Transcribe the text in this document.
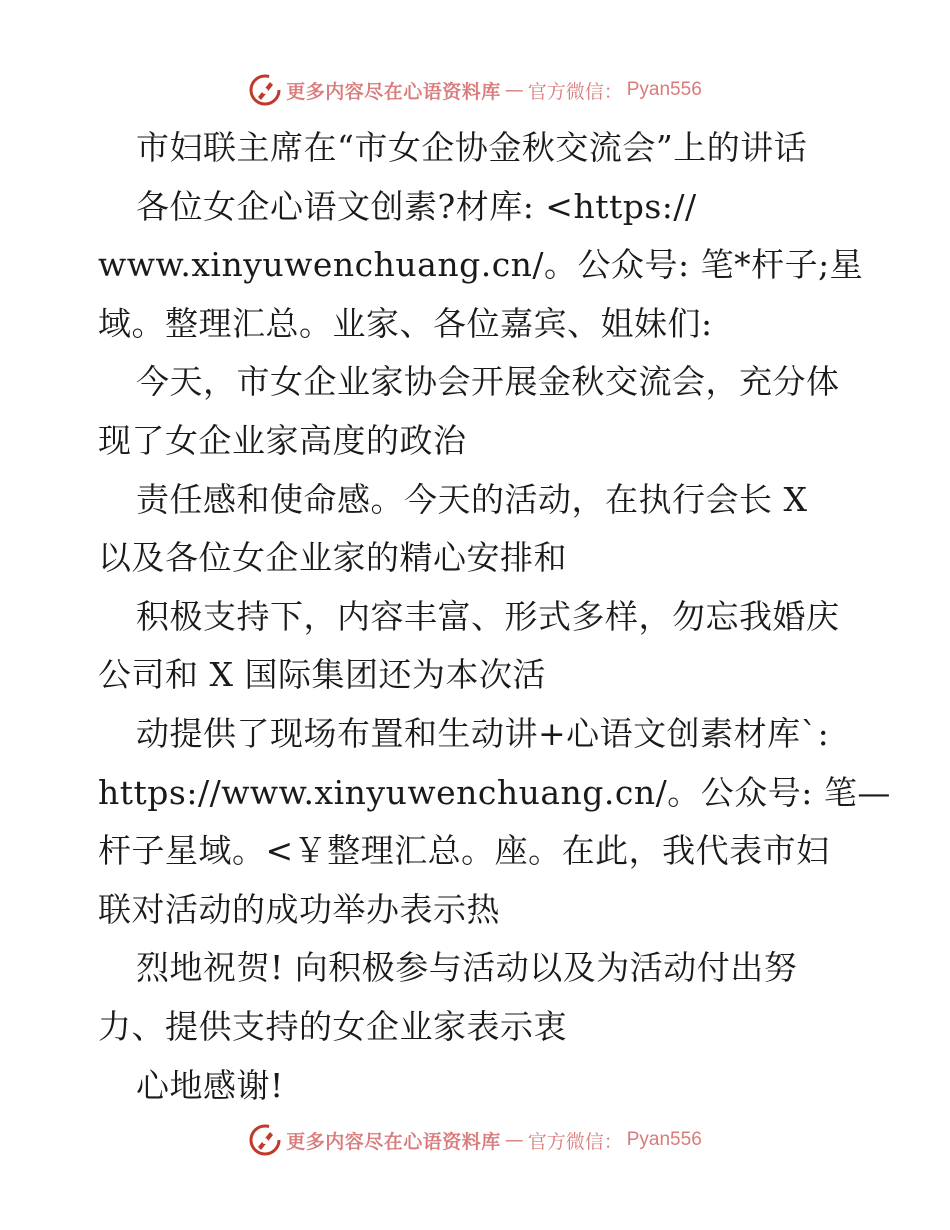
更多内容尽在心语资料库 — 官方微信： Pyan556
市妇联主席在“市女企协金秋交流会”上的讲话
各位女企心语文创素?材库: <https://
www.xinyuwenchuang.cn/。公众号: 笔*杆子;星
域。整理汇总。业家、各位嘉宾、姐妹们:
今天，市女企业家协会开展金秋交流会，充分体
现了女企业家高度的政治
责任感和使命感。今天的活动，在执行会长 X
以及各位女企业家的精心安排和
积极支持下，内容丰富、形式多样，勿忘我婚庆
公司和 X 国际集团还为本次活
动提供了现场布置和生动讲+心语文创素材库`:
https://www.xinyuwenchuang.cn/。公众号: 笔—
杆子星域。<￥整理汇总。座。在此，我代表市妇
联对活动的成功举办表示热
烈地祝贺! 向积极参与活动以及为活动付出努
力、提供支持的女企业家表示衷
心地感谢!
更多内容尽在心语资料库 — 官方微信： Pyan556
